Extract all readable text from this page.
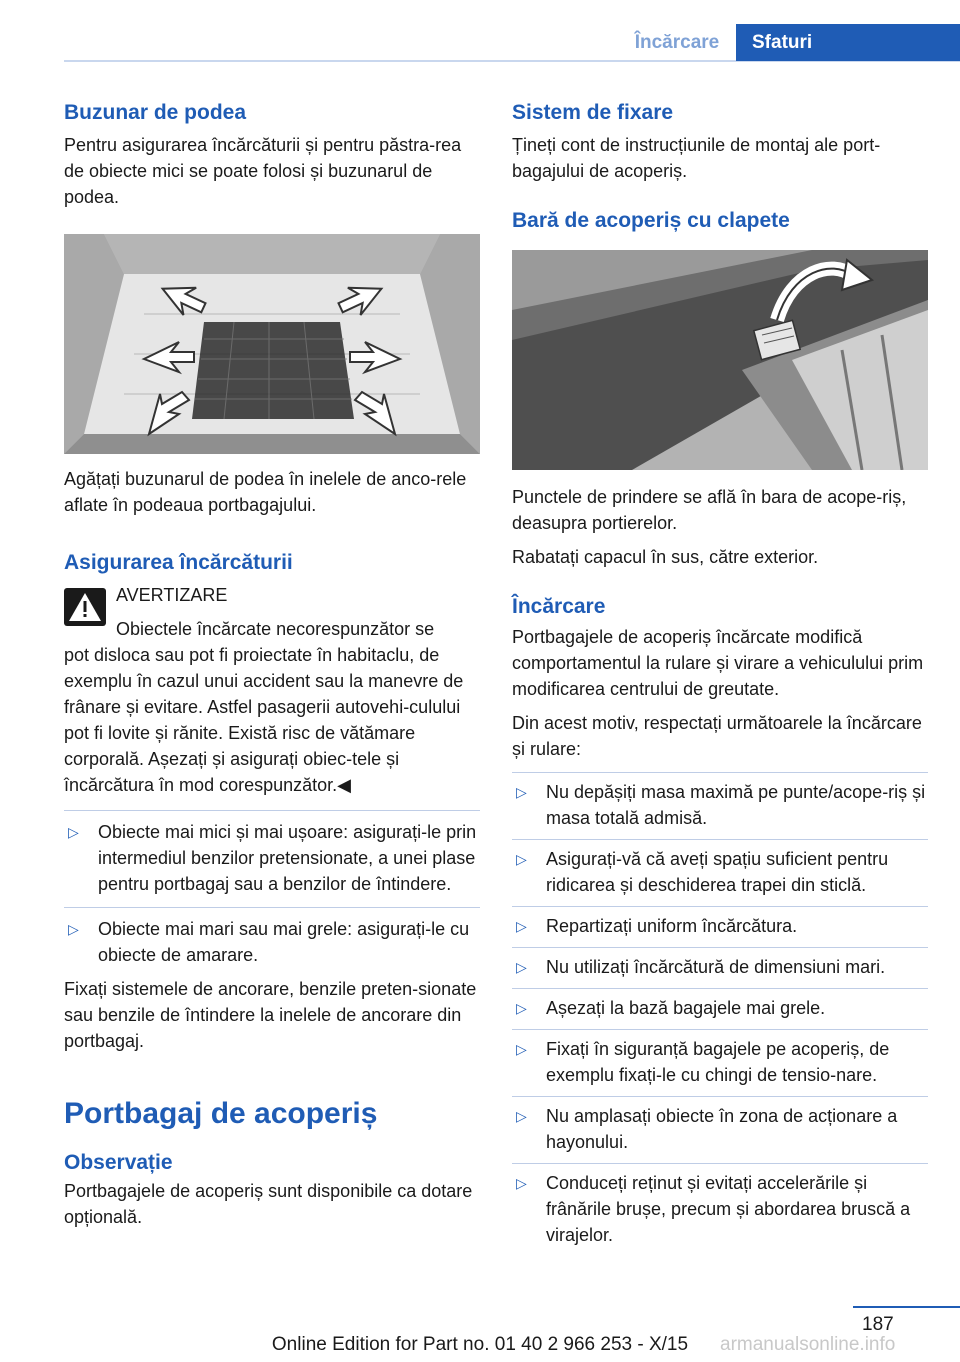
Încărcare	Sfaturi
Buzunar de podea

Pentru asigurarea încărcăturii și pentru păstra-rea de obiecte mici se poate folosi și buzunarul de podea.

Agățați buzunarul de podea în inelele de anco-rele aflate în podeaua portbagajului.

Asigurarea încărcăturii

AVERTIZARE

Obiectele încărcate necorespunzător se

pot disloca sau pot fi proiectate în habitaclu, de exemplu în cazul unui accident sau la manevre de frânare și evitare. Astfel pasagerii autovehi-culului pot fi lovite și rănite. Există risc de vătămare corporală. Așezați și asigurați obiec-tele și încărcătura în mod corespunzător.◀

▷ Obiecte mai mici și mai ușoare: asigurați-le prin intermediul benzilor pretensionate, a unei plase pentru portbagaj sau a benzilor de întindere.
▷ Obiecte mai mari sau mai grele: asigurați-le cu obiecte de amarare.

Fixați sistemele de ancorare, benzile preten-sionate sau benzile de întindere la inelele de ancorare din portbagaj.

Portbagaj de acoperiș
Observație

Portbagajele de acoperiș sunt disponibile ca dotare opțională.

Sistem de fixare

Țineți cont de instrucțiunile de montaj ale port-bagajului de acoperiș.

Bară de acoperiș cu clapete

Punctele de prindere se află în bara de acope-riș, deasupra portierelor.

Rabatați capacul în sus, către exterior.

Încărcare

Portbagajele de acoperiș încărcate modifică comportamentul la rulare și virare a vehiculului prim modificarea centrului de greutate.

Din acest motiv, respectați următoarele la încărcare și rulare:

▷ Nu depășiți masa maximă pe punte/acope-riș și masa totală admisă.
▷ Asigurați-vă că aveți spațiu suficient pentru ridicarea și deschiderea trapei din sticlă.
▷ Repartizați uniform încărcătura.
▷ Nu utilizați încărcătură de dimensiuni mari.
▷ Așezați la bază bagajele mai grele.
▷ Fixați în siguranță bagajele pe acoperiș, de exemplu fixați-le cu chingi de tensio-nare.
▷ Nu amplasați obiecte în zona de acționare a hayonului.
▷ Conduceți reținut și evitați accelerările și frânările brușe, precum și abordarea bruscă a virajelor.
187
Online Edition for Part no. 01 40 2 966 253 - X/15	armanualsonline.info
